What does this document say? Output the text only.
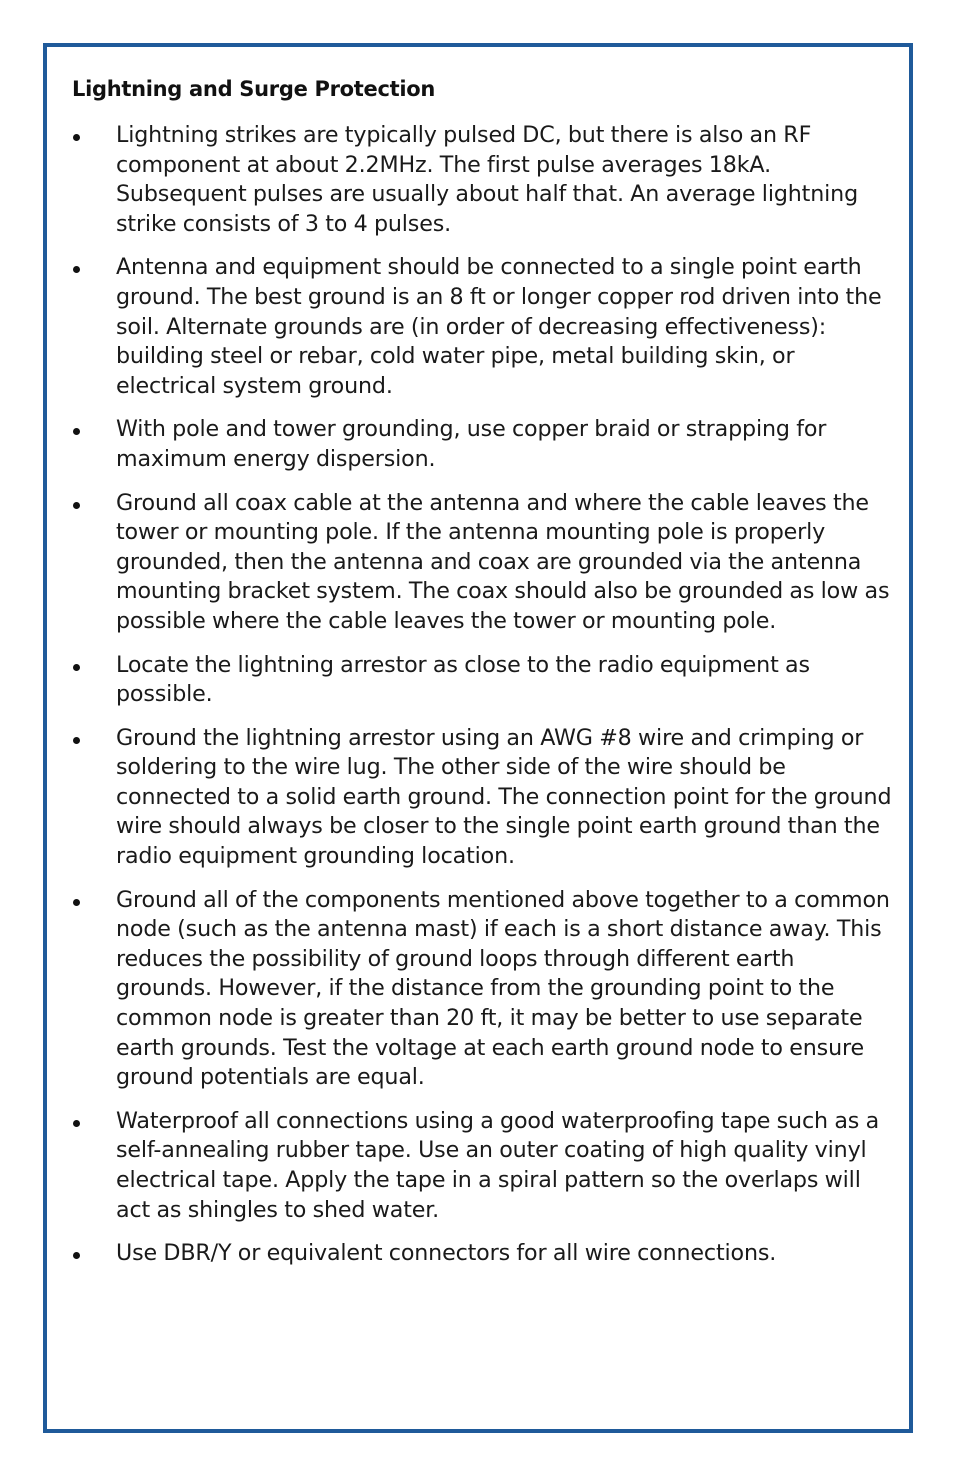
Lightning and Surge Protection
Lightning strikes are typically pulsed DC, but there is also an RF component at about 2.2MHz. The first pulse averages 18kA. Subsequent pulses are usually about half that. An average lightning strike consists of 3 to 4 pulses.
Antenna and equipment should be connected to a single point earth ground. The best ground is an 8 ft or longer copper rod driven into the soil. Alternate grounds are (in order of decreasing effectiveness): building steel or rebar, cold water pipe, metal building skin, or electrical system ground.
With pole and tower grounding, use copper braid or strapping for maximum energy dispersion.
Ground all coax cable at the antenna and where the cable leaves the tower or mounting pole. If the antenna mounting pole is properly grounded, then the antenna and coax are grounded via the antenna mounting bracket system. The coax should also be grounded as low as possible where the cable leaves the tower or mounting pole.
Locate the lightning arrestor as close to the radio equipment as possible.
Ground the lightning arrestor using an AWG #8 wire and crimping or soldering to the wire lug. The other side of the wire should be connected to a solid earth ground. The connection point for the ground wire should always be closer to the single point earth ground than the radio equipment grounding location.
Ground all of the components mentioned above together to a common node (such as the antenna mast) if each is a short distance away. This reduces the possibility of ground loops through different earth grounds. However, if the distance from the grounding point to the common node is greater than 20 ft, it may be better to use separate earth grounds. Test the voltage at each earth ground node to ensure ground potentials are equal.
Waterproof all connections using a good waterproofing tape such as a self-annealing rubber tape. Use an outer coating of high quality vinyl electrical tape. Apply the tape in a spiral pattern so the overlaps will act as shingles to shed water.
Use DBR/Y or equivalent connectors for all wire connections.
